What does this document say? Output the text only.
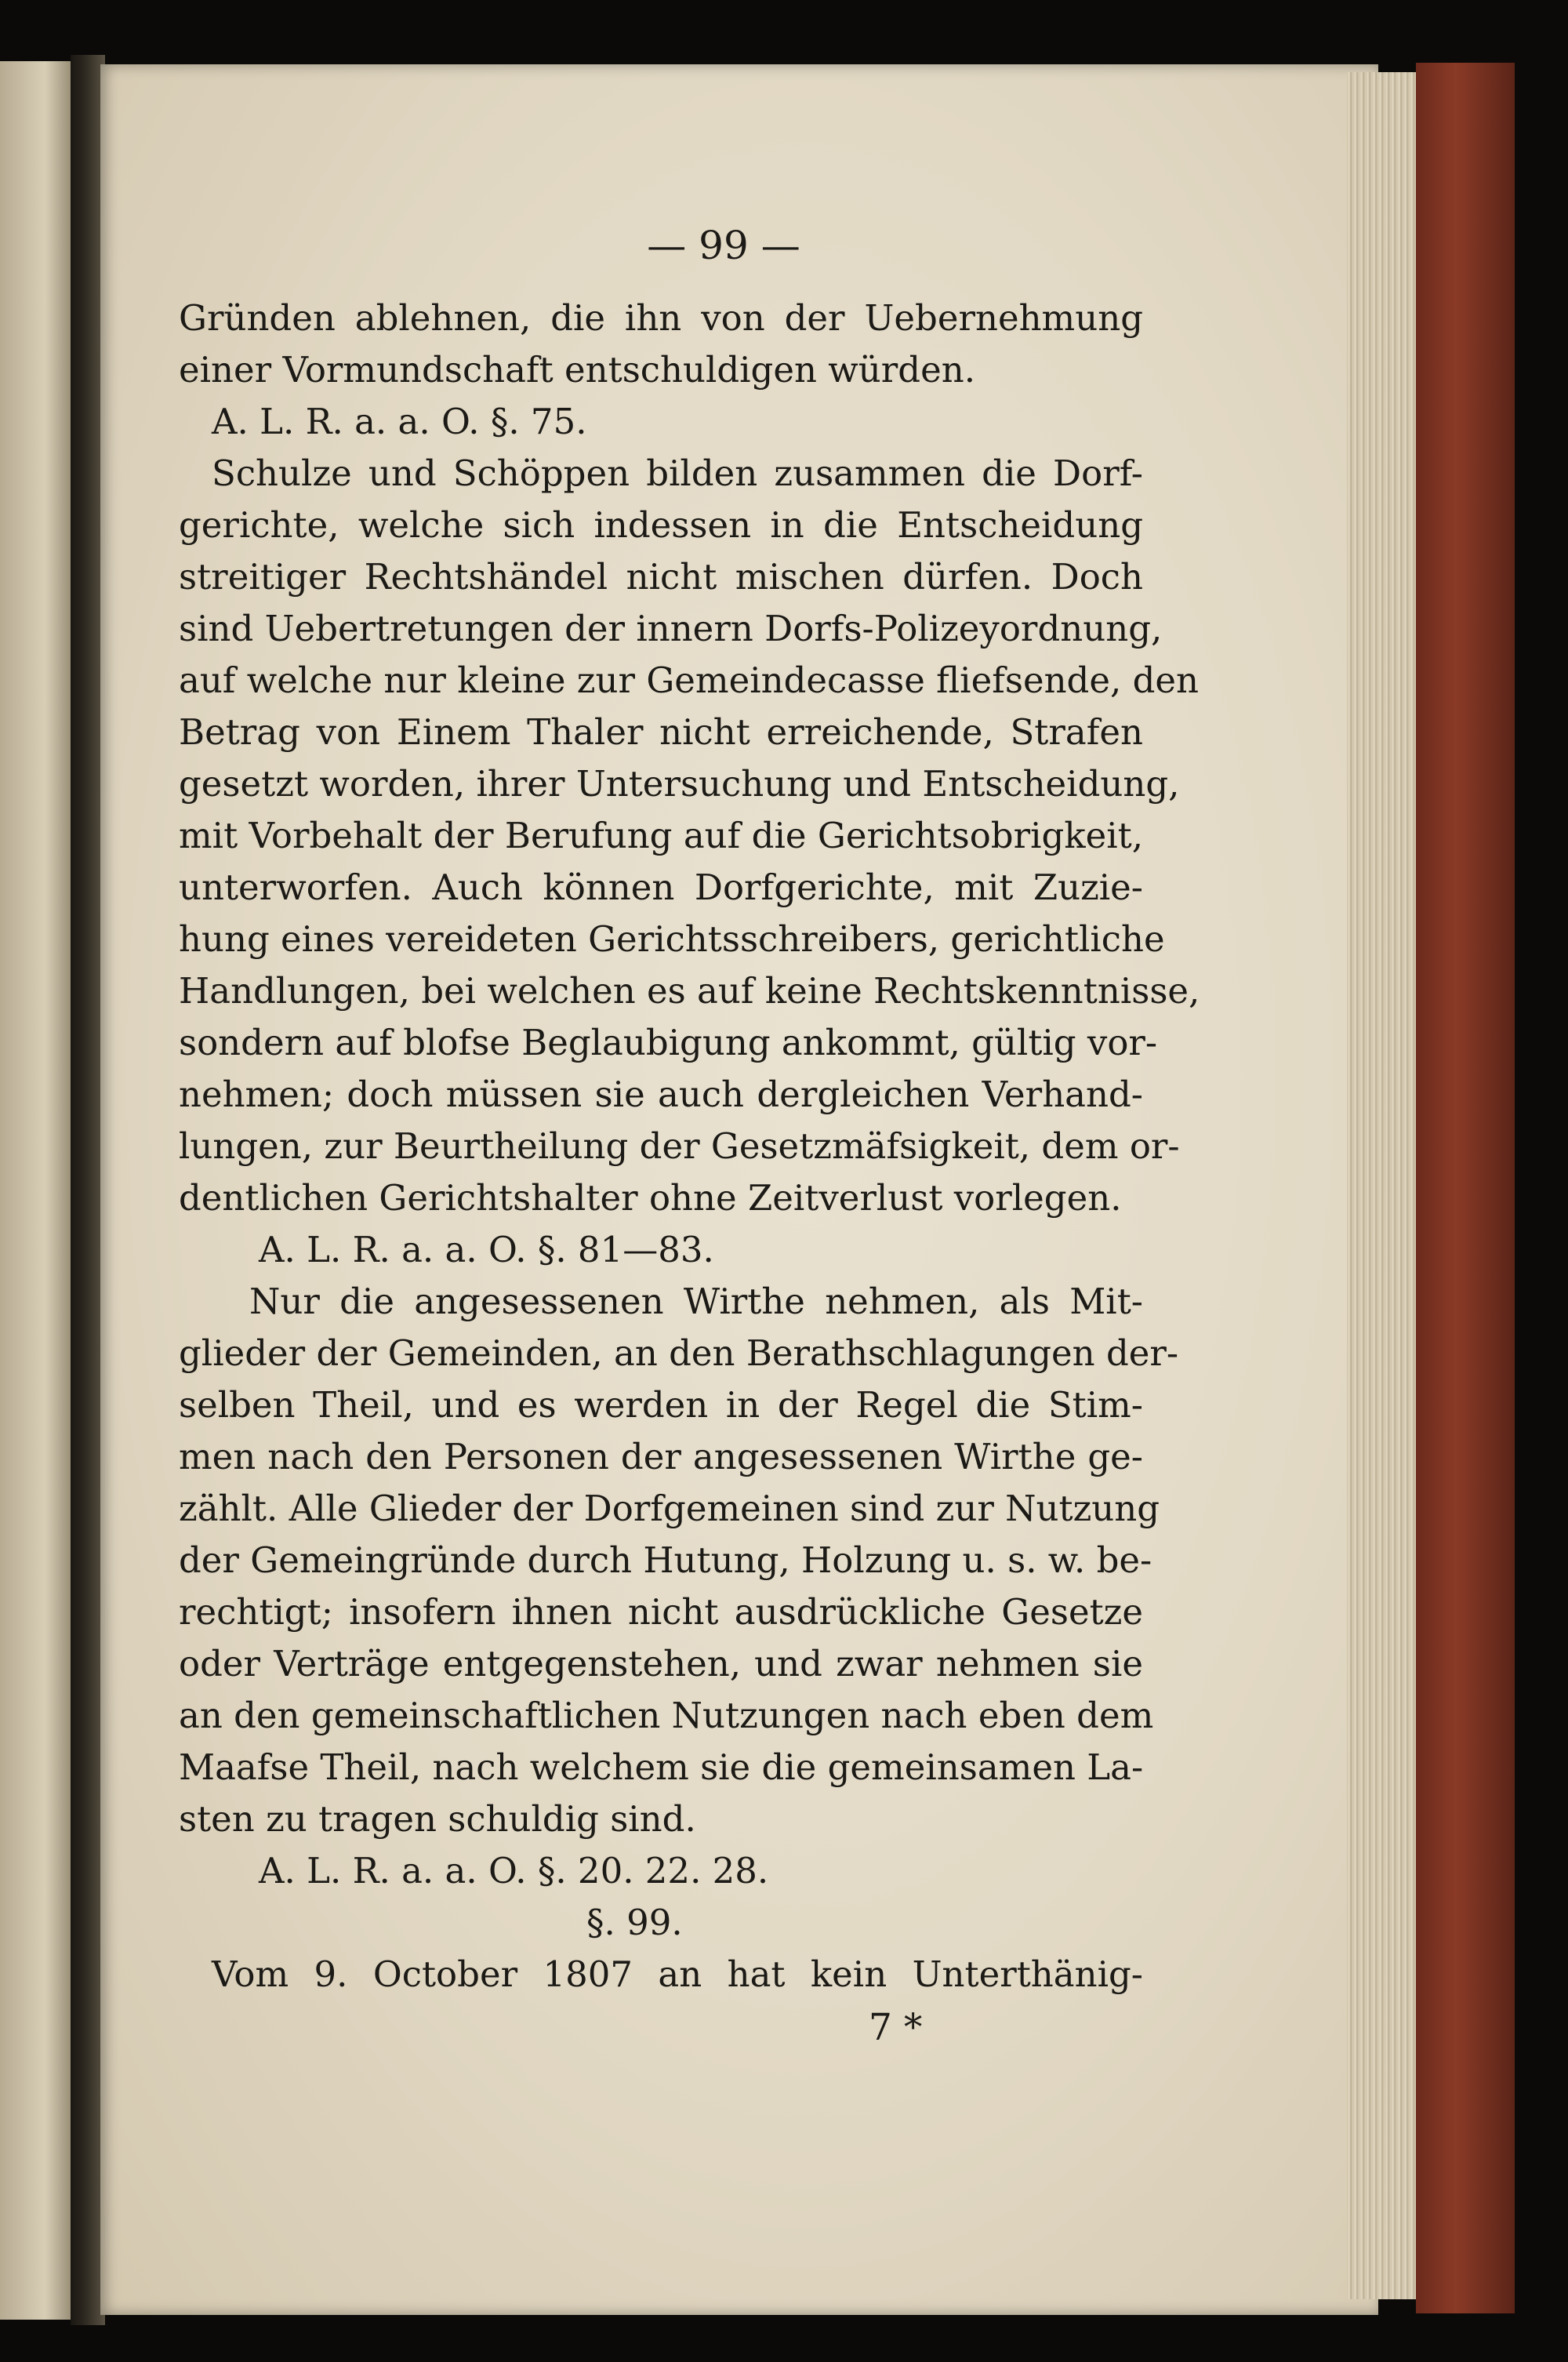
— 99 —
Gründen ablehnen, die ihn von der Uebernehmung
einer Vormundschaft entschuldigen würden.
A. L. R. a. a. O. §. 75.
Schulze und Schöppen bilden zusammen die Dorf-
gerichte, welche sich indessen in die Entscheidung
streitiger Rechtshändel nicht mischen dürfen. Doch
sind Uebertretungen der innern Dorfs-Polizeyordnung,
auf welche nur kleine zur Gemeindecasse fliefsende, den
Betrag von Einem Thaler nicht erreichende, Strafen
gesetzt worden, ihrer Untersuchung und Entscheidung,
mit Vorbehalt der Berufung auf die Gerichtsobrigkeit,
unterworfen. Auch können Dorfgerichte, mit Zuzie-
hung eines vereideten Gerichtsschreibers, gerichtliche
Handlungen, bei welchen es auf keine Rechtskenntnisse,
sondern auf blofse Beglaubigung ankommt, gültig vor-
nehmen; doch müssen sie auch dergleichen Verhand-
lungen, zur Beurtheilung der Gesetzmäfsigkeit, dem or-
dentlichen Gerichtshalter ohne Zeitverlust vorlegen.
A. L. R. a. a. O. §. 81—83.
Nur die angesessenen Wirthe nehmen, als Mit-
glieder der Gemeinden, an den Berathschlagungen der-
selben Theil, und es werden in der Regel die Stim-
men nach den Personen der angesessenen Wirthe ge-
zählt. Alle Glieder der Dorfgemeinen sind zur Nutzung
der Gemeingründe durch Hutung, Holzung u. s. w. be-
rechtigt; insofern ihnen nicht ausdrückliche Gesetze
oder Verträge entgegenstehen, und zwar nehmen sie
an den gemeinschaftlichen Nutzungen nach eben dem
Maafse Theil, nach welchem sie die gemeinsamen La-
sten zu tragen schuldig sind.
A. L. R. a. a. O. §. 20. 22. 28.
§. 99.
Vom 9. October 1807 an hat kein Unterthänig-
7 *
